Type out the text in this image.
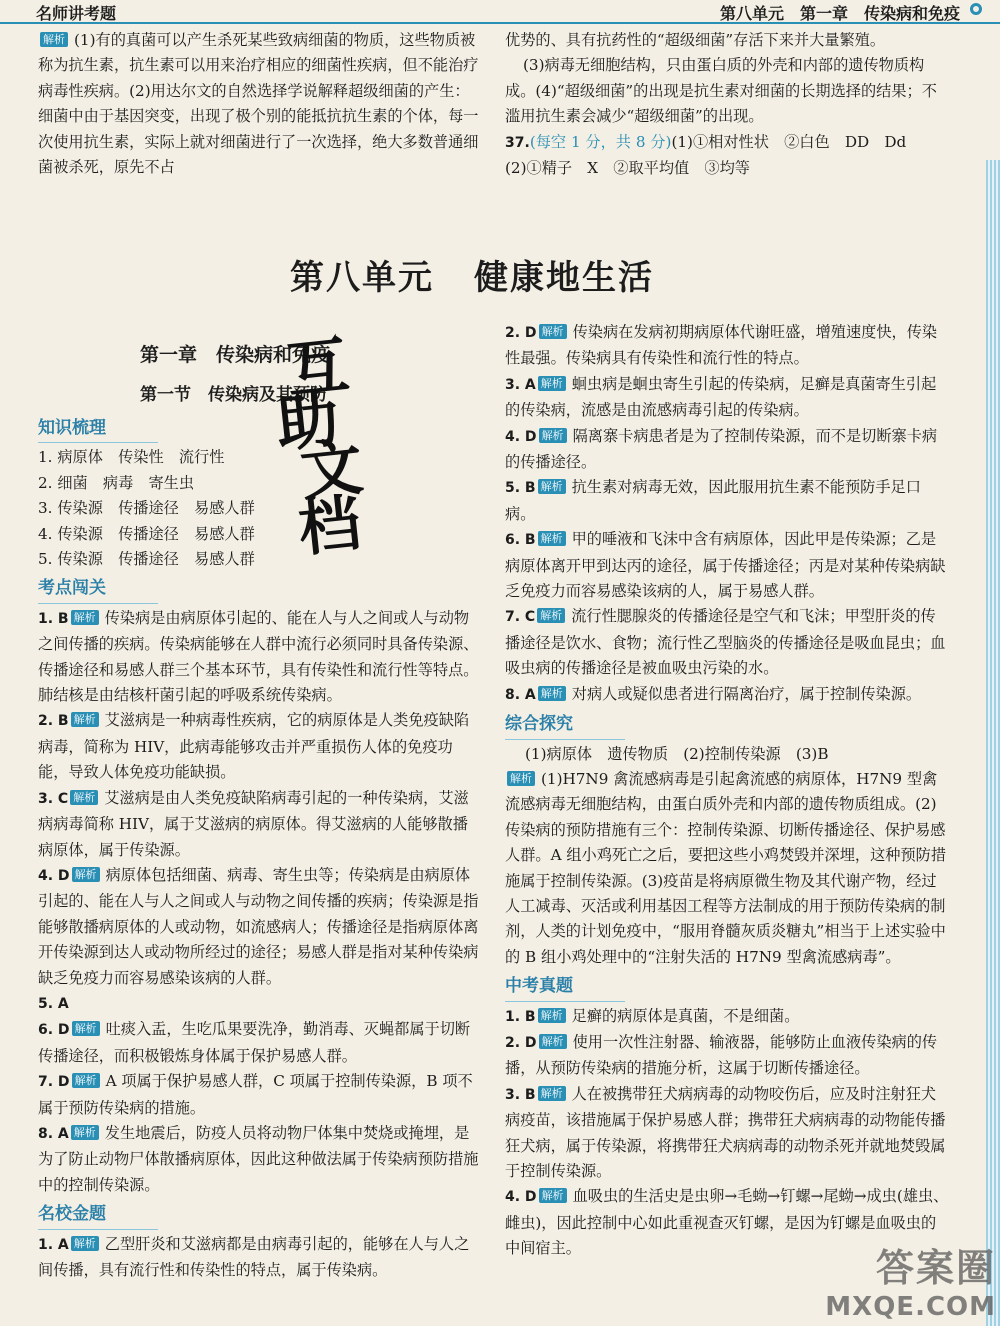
名师讲考题	第八单元　第一章　传染病和免疫

解析 (1)有的真菌可以产生杀死某些致病细菌的物质，这些物质被称为抗生素，抗生素可以用来治疗相应的细菌性疾病，但不能治疗病毒性疾病。(2)用达尔文的自然选择学说解释超级细菌的产生：细菌中由于基因突变，出现了极个别的能抵抗抗生素的个体，每一次使用抗生素，实际上就对细菌进行了一次选择，绝大多数普通细菌被杀死，原先不占

优势的、具有抗药性的“超级细菌”存活下来并大量繁殖。

(3)病毒无细胞结构，只由蛋白质的外壳和内部的遗传物质构成。(4)“超级细菌”的出现是抗生素对细菌的长期选择的结果；不滥用抗生素会减少“超级细菌”的出现。

37.(每空 1 分，共 8 分)(1)①相对性状　②白色　DD　Dd　(2)①精子　X　②取平均值　③均等

第八单元 健康地生活
第一章　传染病和免疫
第一节　传染病及其预防
互
助
文
档
知识梳理
1. 病原体　传染性　流行性
2. 细菌　病毒　寄生虫
3. 传染源　传播途径　易感人群
4. 传染源　传播途径　易感人群
5. 传染源　传播途径　易感人群
考点闯关

1. B 解析 传染病是由病原体引起的、能在人与人之间或人与动物之间传播的疾病。传染病能够在人群中流行必须同时具备传染源、传播途径和易感人群三个基本环节，具有传染性和流行性等特点。肺结核是由结核杆菌引起的呼吸系统传染病。

2. B 解析 艾滋病是一种病毒性疾病，它的病原体是人类免疫缺陷病毒，简称为 HIV，此病毒能够攻击并严重损伤人体的免疫功能，导致人体免疫功能缺损。

3. C 解析 艾滋病是由人类免疫缺陷病毒引起的一种传染病，艾滋病病毒简称 HIV，属于艾滋病的病原体。得艾滋病的人能够散播病原体，属于传染源。

4. D 解析 病原体包括细菌、病毒、寄生虫等；传染病是由病原体引起的、能在人与人之间或人与动物之间传播的疾病；传染源是指能够散播病原体的人或动物，如流感病人；传播途径是指病原体离开传染源到达人或动物所经过的途径；易感人群是指对某种传染病缺乏免疫力而容易感染该病的人群。

5. A

6. D 解析 吐痰入盂，生吃瓜果要洗净，勤消毒、灭蝇都属于切断传播途径，而积极锻炼身体属于保护易感人群。

7. D 解析 A 项属于保护易感人群，C 项属于控制传染源，B 项不属于预防传染病的措施。

8. A 解析 发生地震后，防疫人员将动物尸体集中焚烧或掩埋，是为了防止动物尸体散播病原体，因此这种做法属于传染病预防措施中的控制传染源。

名校金题

1. A 解析 乙型肝炎和艾滋病都是由病毒引起的，能够在人与人之间传播，具有流行性和传染性的特点，属于传染病。

2. D 解析 传染病在发病初期病原体代谢旺盛，增殖速度快，传染性最强。传染病具有传染性和流行性的特点。

3. A 解析 蛔虫病是蛔虫寄生引起的传染病，足癣是真菌寄生引起的传染病，流感是由流感病毒引起的传染病。

4. D 解析 隔离寨卡病患者是为了控制传染源，而不是切断寨卡病的传播途径。

5. B 解析 抗生素对病毒无效，因此服用抗生素不能预防手足口病。

6. B 解析 甲的唾液和飞沫中含有病原体，因此甲是传染源；乙是病原体离开甲到达丙的途径，属于传播途径；丙是对某种传染病缺乏免疫力而容易感染该病的人，属于易感人群。

7. C 解析 流行性腮腺炎的传播途径是空气和飞沫；甲型肝炎的传播途径是饮水、食物；流行性乙型脑炎的传播途径是吸血昆虫；血吸虫病的传播途径是被血吸虫污染的水。

8. A 解析 对病人或疑似患者进行隔离治疗，属于控制传染源。

综合探究

(1)病原体　遗传物质　(2)控制传染源　(3)B

解析 (1)H7N9 禽流感病毒是引起禽流感的病原体，H7N9 型禽流感病毒无细胞结构，由蛋白质外壳和内部的遗传物质组成。(2)传染病的预防措施有三个：控制传染源、切断传播途径、保护易感人群。A 组小鸡死亡之后，要把这些小鸡焚毁并深埋，这种预防措施属于控制传染源。(3)疫苗是将病原微生物及其代谢产物，经过人工减毒、灭活或利用基因工程等方法制成的用于预防传染病的制剂，人类的计划免疫中，“服用脊髓灰质炎糖丸”相当于上述实验中的 B 组小鸡处理中的“注射失活的 H7N9 型禽流感病毒”。

中考真题

1. B 解析 足癣的病原体是真菌，不是细菌。

2. D 解析 使用一次性注射器、输液器，能够防止血液传染病的传播，从预防传染病的措施分析，这属于切断传播途径。

3. B 解析 人在被携带狂犬病病毒的动物咬伤后，应及时注射狂犬病疫苗，该措施属于保护易感人群；携带狂犬病病毒的动物能传播狂犬病，属于传染源，将携带狂犬病病毒的动物杀死并就地焚毁属于控制传染源。

4. D 解析 血吸虫的生活史是虫卵→毛蚴→钉螺→尾蚴→成虫(雄虫、雌虫)，因此控制中心如此重视查灭钉螺，是因为钉螺是血吸虫的中间宿主。	答案圈
MXQE.COM
